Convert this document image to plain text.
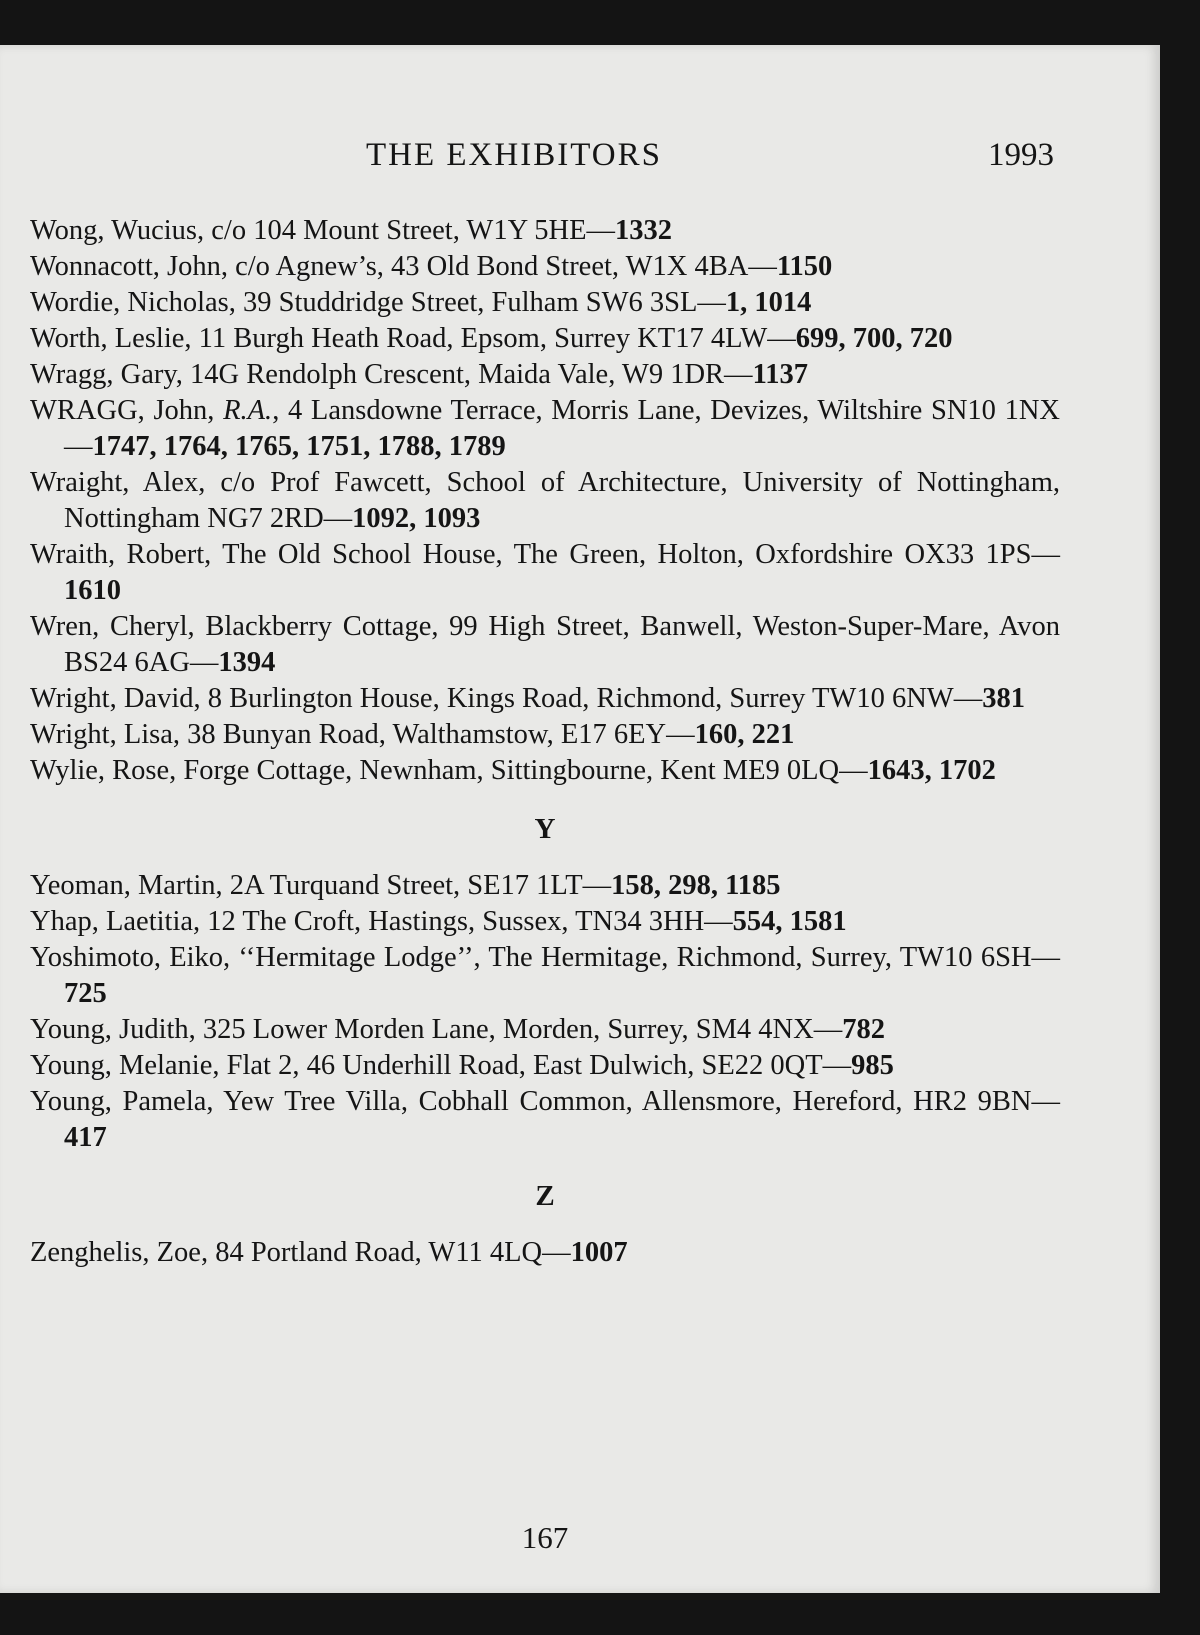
THE EXHIBITORS	1993

Wong, Wucius, c/o 104 Mount Street, W1Y 5HE—1332

Wonnacott, John, c/o Agnew’s, 43 Old Bond Street, W1X 4BA—1150

Wordie, Nicholas, 39 Studdridge Street, Fulham SW6 3SL—1, 1014

Worth, Leslie, 11 Burgh Heath Road, Epsom, Surrey KT17 4LW—699, 700, 720

Wragg, Gary, 14G Rendolph Crescent, Maida Vale, W9 1DR—1137

WRAGG, John, R.A., 4 Lansdowne Terrace, Morris Lane, Devizes, Wiltshire SN10 1NX—1747, 1764, 1765, 1751, 1788, 1789

Wraight, Alex, c/o Prof Fawcett, School of Architecture, University of Nottingham, Nottingham NG7 2RD—1092, 1093

Wraith, Robert, The Old School House, The Green, Holton, Oxfordshire OX33 1PS—1610

Wren, Cheryl, Blackberry Cottage, 99 High Street, Banwell, Weston-Super-Mare, Avon BS24 6AG—1394

Wright, David, 8 Burlington House, Kings Road, Richmond, Surrey TW10 6NW—381

Wright, Lisa, 38 Bunyan Road, Walthamstow, E17 6EY—160, 221

Wylie, Rose, Forge Cottage, Newnham, Sittingbourne, Kent ME9 0LQ—1643, 1702

Y

Yeoman, Martin, 2A Turquand Street, SE17 1LT—158, 298, 1185

Yhap, Laetitia, 12 The Croft, Hastings, Sussex, TN34 3HH—554, 1581

Yoshimoto, Eiko, ‘‘Hermitage Lodge’’, The Hermitage, Richmond, Surrey, TW10 6SH—725

Young, Judith, 325 Lower Morden Lane, Morden, Surrey, SM4 4NX—782

Young, Melanie, Flat 2, 46 Underhill Road, East Dulwich, SE22 0QT—985

Young, Pamela, Yew Tree Villa, Cobhall Common, Allensmore, Hereford, HR2 9BN—417

Z

Zenghelis, Zoe, 84 Portland Road, W11 4LQ—1007

167
